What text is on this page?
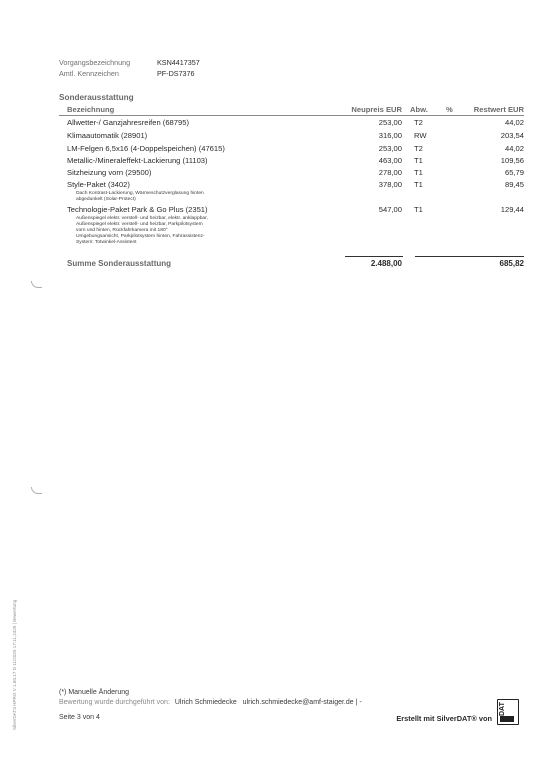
Vorgangsbezeichnung	KSN4417357
Amtl. Kennzeichen	PF-DS7376
Sonderausstattung
Bezeichnung	Neupreis EUR Abw. %	Restwert EUR
Allwetter-/ Ganzjahresreifen (68795)	253,00 T2	44,02
Klimaautomatik (28901)	316,00 RW	203,54
LM-Felgen 6,5x16 (4-Doppelspeichen) (47615)	253,00 T2	44,02
Metallic-/Mineraleffekt-Lackierung (11103)	463,00 T1	109,56
Sitzheizung vorn (29500)	278,00 T1	65,79
Style-Paket (3402)	378,00 T1	89,45
Dach Kontrast-Lackierung, Wärmeschutzverglasung hinten
abgedunkelt (Solar-Protect)
Technologie-Paket Park & Go Plus (2351)	547,00 T1	129,44
Außenspiegel elektr. verstell- und heizbar, elektr. anklappbar,
Außenspiegel elektr. verstell- und heizbar, Parkpilotsystem
vorn und hinten, Rückfahrkamera mit 180°
Umgebungsansicht, Parkpilotsystem hinten, Fahrassistenz-
System: Totwinkel-Assistent
Summe Sonderausstattung	2.488,00	685,82
SilverDAT3 HPRO V 1.60.17 D 11/2025 17:11,2425 | Bewertung	(*) Manuelle Änderung
Bewertung wurde durchgeführt von: Ulrich Schmiedecke ulrich.schmiedecke@amf-staiger.de | -
Seite 3 von 4	Erstellt mit SilverDAT® von
DAT
